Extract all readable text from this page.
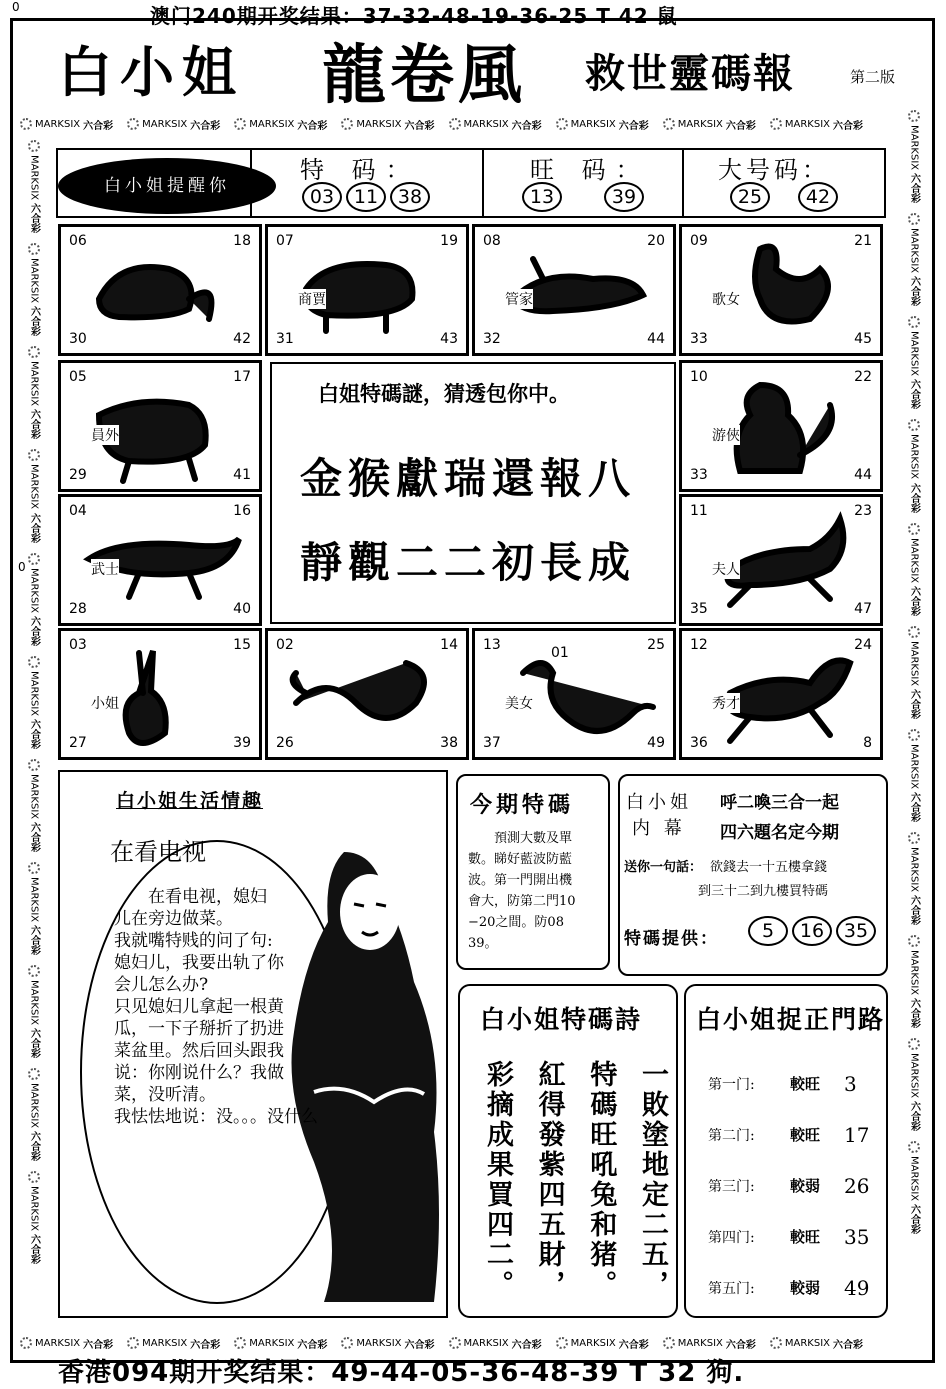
0
0
澳门240期开奖结果：37-32-48-19-36-25 T 42 鼠
白小姐 龍卷風 救世靈碼報	第二版
MARKSIX 六合彩	MARKSIX 六合彩	MARKSIX 六合彩	MARKSIX 六合彩	MARKSIX 六合彩	MARKSIX 六合彩	MARKSIX 六合彩	MARKSIX 六合彩
MARKSIX 六合彩	MARKSIX 六合彩	MARKSIX 六合彩	MARKSIX 六合彩	MARKSIX 六合彩	MARKSIX 六合彩	MARKSIX 六合彩	MARKSIX 六合彩
MARKSIX
六合彩
MARKSIX
六合彩
MARKSIX
六合彩
MARKSIX
六合彩
MARKSIX
六合彩
MARKSIX
六合彩
MARKSIX
六合彩
MARKSIX
六合彩
MARKSIX
六合彩
MARKSIX
六合彩
MARKSIX
六合彩
MARKSIX
六合彩
MARKSIX
六合彩
MARKSIX
六合彩
MARKSIX
六合彩
MARKSIX
六合彩
MARKSIX
六合彩
MARKSIX
六合彩
MARKSIX
六合彩
MARKSIX
六合彩
MARKSIX
六合彩
MARKSIX
六合彩
白小姐提醒你
特 码：
03 11 38
旺 码：
13	39
大号码：
25 42
06	18
30	42
07	19
31	43
商賈
08	20
32	44
管家
09	21
33	45
歌女
05	17
29	41
員外
10	22
33	44
游俠
04	16
28	40
武士
11	23
35	47
夫人
03	15
27	39
小姐
02	14
26	38
13	25
37	49
01
美女
12	24
36	8
秀才
白姐特碼謎，猜透包你中。
金猴獻瑞還報八
靜觀二二初長成
白小姐生活情趣
在看电视
在看电视，媳妇
儿在旁边做菜。
我就嘴特贱的问了句:
媳妇儿，我要出轨了你
会儿怎么办?
只见媳妇儿拿起一根黄
瓜，一下子掰折了扔进
菜盆里。然后回头跟我
说：你刚说什么？我做
菜，没听清。
我怯怯地说：没。。。没什么
今期特碼
預測大數及單
數。睇好藍波防藍
波。第一門開出機
會大，防第二門10
−20之間。防08
39。
白小姐
内 幕
呼二喚三合一起
四六題名定今期
送你一句話： 欲錢去一十五樓拿錢
到三十二到九樓買特碼
特碼提供：	5 16 35
白小姐特碼詩
一敗塗地定二五，
特碼旺吼兔和猪。
紅得發紫四五財，
彩摘成果買四二。
白小姐捉正門路
第一门:	較旺	3
第二门:	較旺	17
第三门:	較弱	26
第四门:	較旺	35
第五门:	較弱	49
香港094期开奖结果：49-44-05-36-48-39 T 32 狗.
